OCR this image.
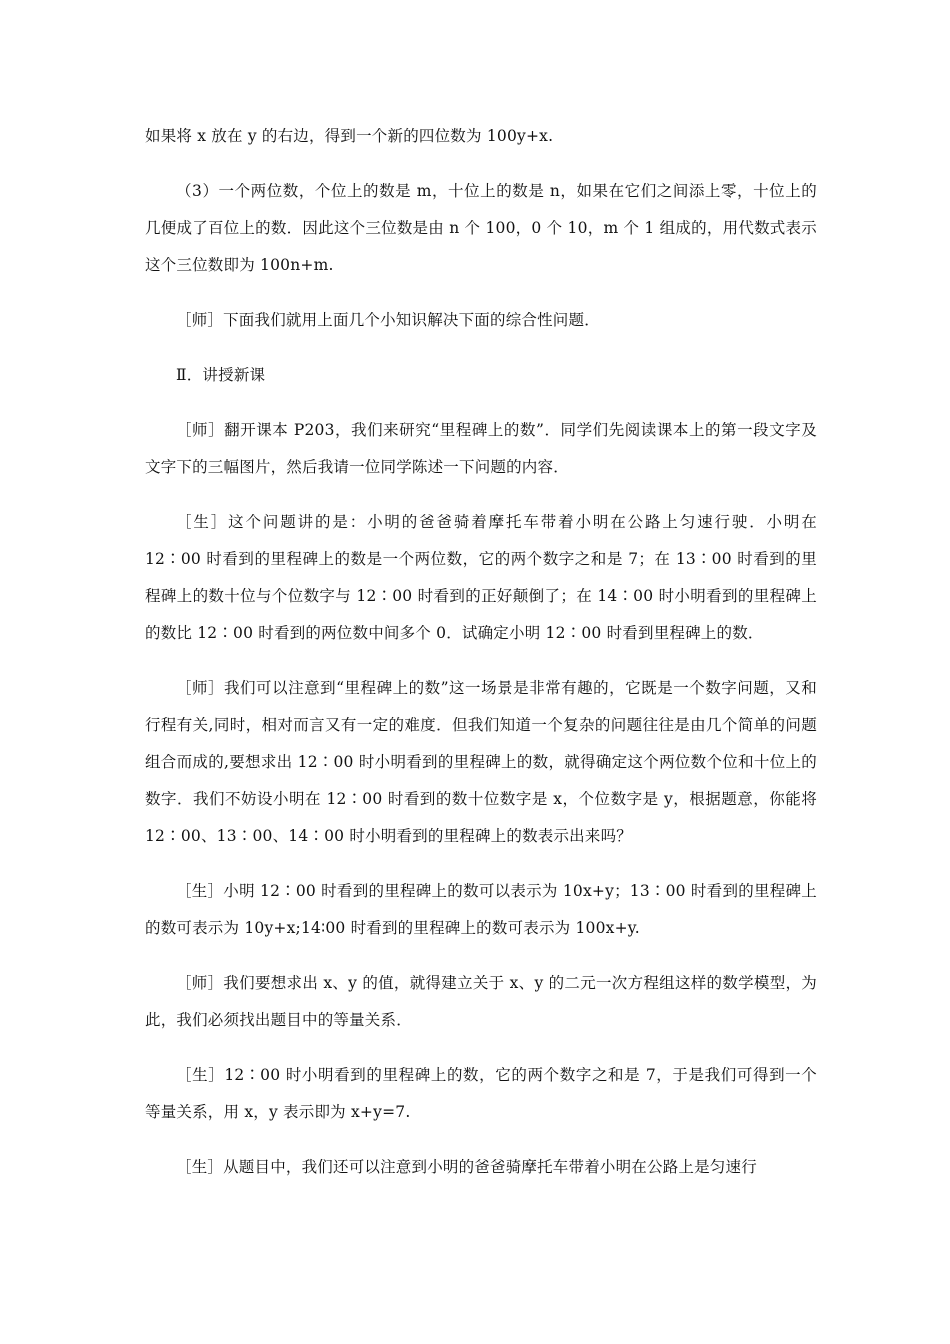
如果将 x 放在 y 的右边，得到一个新的四位数为 100y+x.

（3）一个两位数，个位上的数是 m，十位上的数是 n，如果在它们之间添上零，十位上的几便成了百位上的数．因此这个三位数是由 n 个 100，0 个 10，m 个 1 组成的，用代数式表示这个三位数即为 100n+m.

［师］下面我们就用上面几个小知识解决下面的综合性问题．

Ⅱ．讲授新课

［师］翻开课本 P203，我们来研究“里程碑上的数”．同学们先阅读课本上的第一段文字及文字下的三幅图片，然后我请一位同学陈述一下问题的内容．

［生］这个问题讲的是：小明的爸爸骑着摩托车带着小明在公路上匀速行驶．小明在 12∶00 时看到的里程碑上的数是一个两位数，它的两个数字之和是 7；在 13∶00 时看到的里程碑上的数十位与个位数字与 12∶00 时看到的正好颠倒了；在 14∶00 时小明看到的里程碑上的数比 12∶00 时看到的两位数中间多个 0．试确定小明 12∶00 时看到里程碑上的数．

［师］我们可以注意到“里程碑上的数”这一场景是非常有趣的，它既是一个数字问题，又和行程有关,同时，相对而言又有一定的难度．但我们知道一个复杂的问题往往是由几个简单的问题组合而成的,要想求出 12∶00 时小明看到的里程碑上的数，就得确定这个两位数个位和十位上的数字．我们不妨设小明在 12∶00 时看到的数十位数字是 x，个位数字是 y，根据题意，你能将 12∶00、13∶00、14∶00 时小明看到的里程碑上的数表示出来吗？

［生］小明 12∶00 时看到的里程碑上的数可以表示为 10x+y；13∶00 时看到的里程碑上的数可表示为 10y+x;14∶00 时看到的里程碑上的数可表示为 100x+y.

［师］我们要想求出 x、y 的值，就得建立关于 x、y 的二元一次方程组这样的数学模型，为此，我们必须找出题目中的等量关系．

［生］12∶00 时小明看到的里程碑上的数，它的两个数字之和是 7，于是我们可得到一个等量关系，用 x，y 表示即为 x+y=7.

［生］从题目中，我们还可以注意到小明的爸爸骑摩托车带着小明在公路上是匀速行
